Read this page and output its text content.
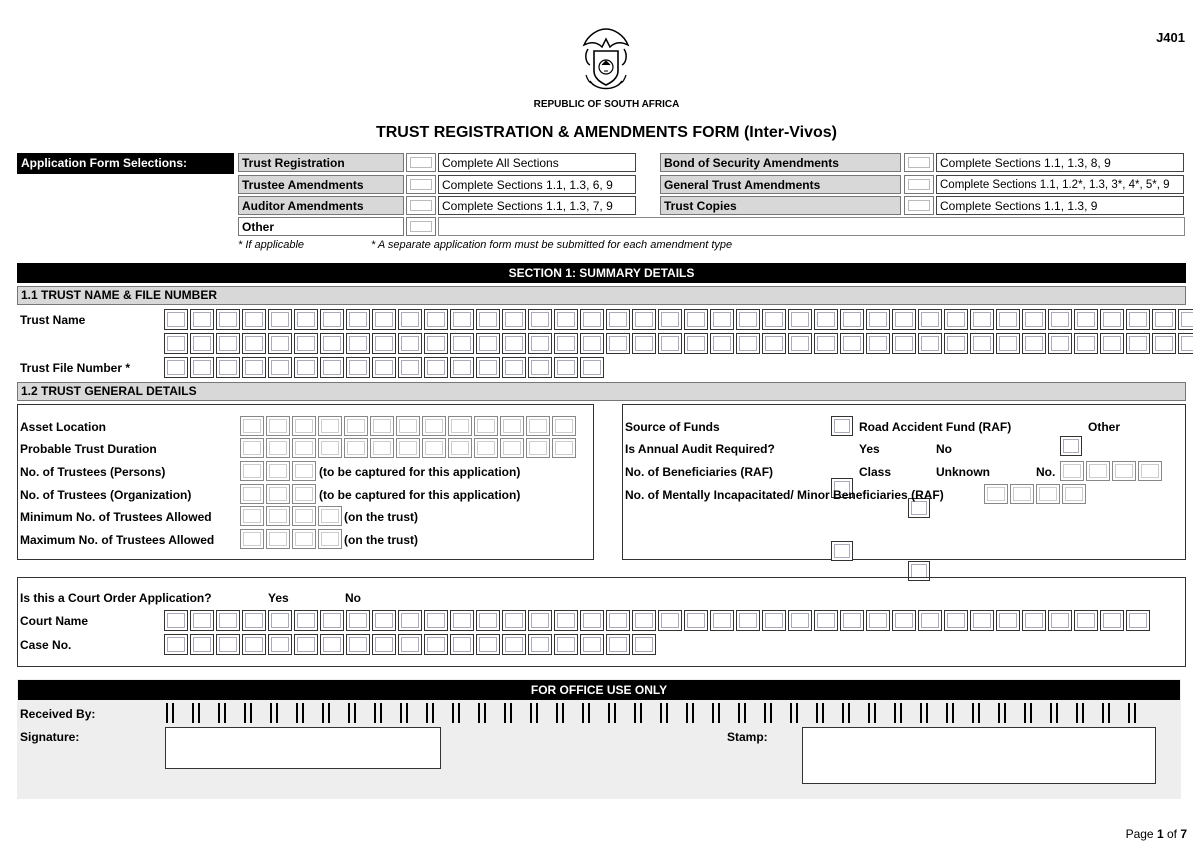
J401
REPUBLIC OF SOUTH AFRICA
TRUST REGISTRATION & AMENDMENTS FORM (Inter-Vivos)
Application Form Selections:	Trust Registration	Complete All Sections
Trustee Amendments	Complete Sections 1.1, 1.3, 6, 9
Auditor Amendments	Complete Sections 1.1, 1.3, 7, 9
Bond of Security Amendments	Complete Sections 1.1, 1.3, 8, 9
General Trust Amendments	Complete Sections 1.1, 1.2*, 1.3, 3*, 4*, 5*, 9
Trust Copies	Complete Sections 1.1, 1.3, 9
Other
* If applicable	* A separate application form must be submitted for each amendment type
SECTION 1: SUMMARY DETAILS
1.1 TRUST NAME & FILE NUMBER
Trust Name
Trust File Number *
1.2 TRUST GENERAL DETAILS
Asset Location
Probable Trust Duration
No. of Trustees (Persons)	(to be captured for this application)
No. of Trustees (Organization)	(to be captured for this application)
Minimum No. of Trustees Allowed	(on the trust)
Maximum No. of Trustees Allowed	(on the trust)
Source of Funds	Road Accident Fund (RAF)	Other
Is Annual Audit Required?	Yes	No
No. of Beneficiaries (RAF)	Class	Unknown	No.
No. of Mentally Incapacitated/ Minor Beneficiaries (RAF)
Is this a Court Order Application?	Yes	No
Court Name
Case No.
FOR OFFICE USE ONLY
Received By:
Signature:	Stamp:
Page 1 of 7
